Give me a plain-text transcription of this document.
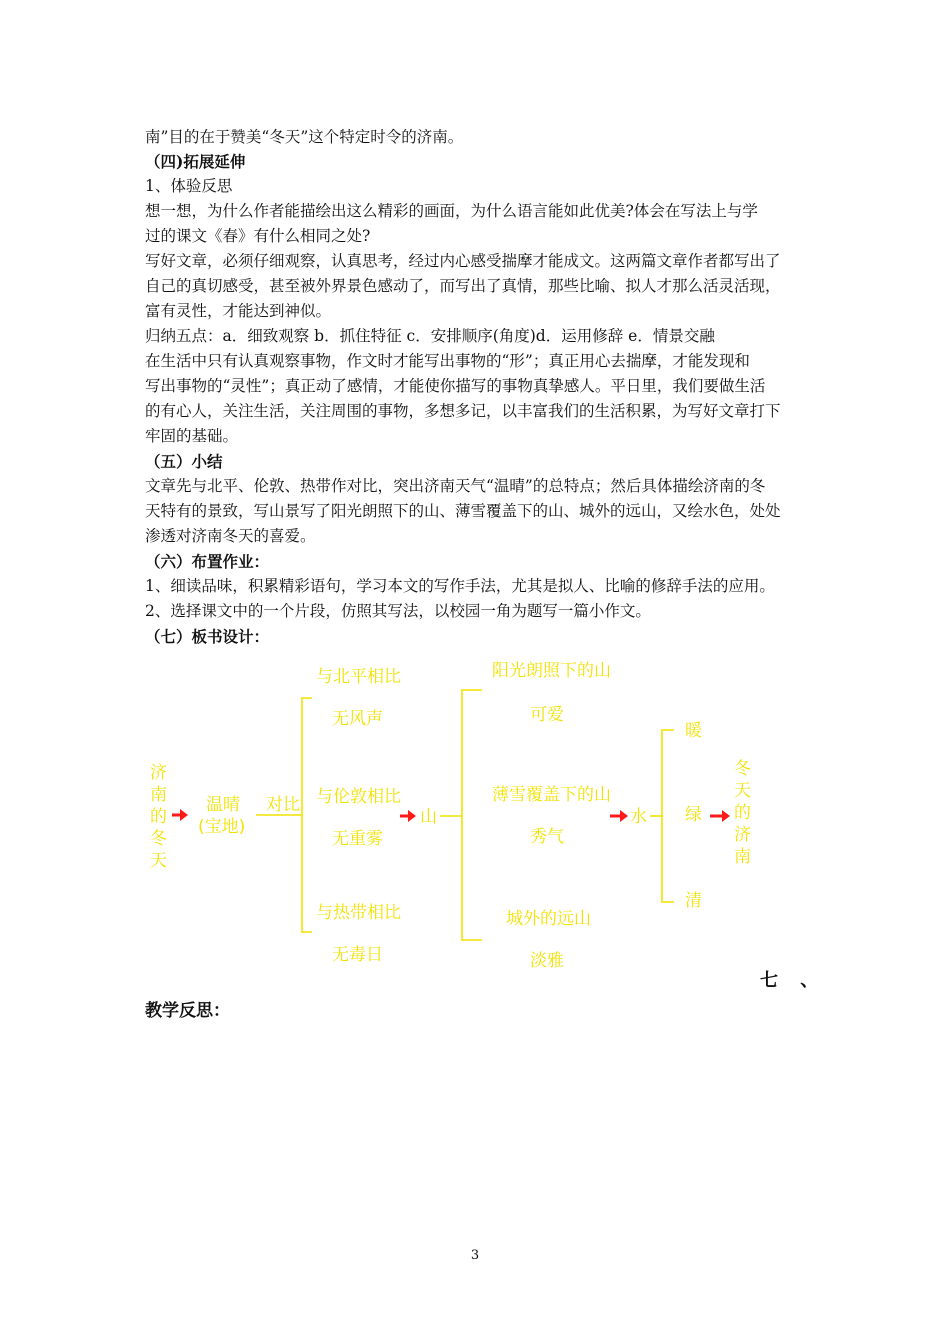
南”目的在于赞美“冬天”这个特定时令的济南。
（四)拓展延伸
1、体验反思
想一想，为什么作者能描绘出这么精彩的画面，为什么语言能如此优美?体会在写法上与学
过的课文《春》有什么相同之处?
写好文章，必须仔细观察，认真思考，经过内心感受揣摩才能成文。这两篇文章作者都写出了
自己的真切感受，甚至被外界景色感动了，而写出了真情，那些比喻、拟人才那么活灵活现，
富有灵性，才能达到神似。
归纳五点：a．细致观察 b．抓住特征 c．安排顺序(角度)d．运用修辞 e．情景交融
在生活中只有认真观察事物，作文时才能写出事物的“形”；真正用心去揣摩，才能发现和
写出事物的“灵性”；真正动了感情，才能使你描写的事物真挚感人。平日里，我们要做生活
的有心人，关注生活，关注周围的事物，多想多记，以丰富我们的生活积累，为写好文章打下
牢固的基础。
（五）小结
文章先与北平、伦敦、热带作对比，突出济南天气“温晴”的总特点；然后具体描绘济南的冬
天特有的景致，写山景写了阳光朗照下的山、薄雪覆盖下的山、城外的远山，又绘水色，处处
渗透对济南冬天的喜爱。
（六）布置作业：
1、细读品味，积累精彩语句，学习本文的写作手法，尤其是拟人、比喻的修辞手法的应用。
2、选择课文中的一个片段，仿照其写法，以校园一角为题写一篇小作文。
（七）板书设计：
济
南
的
冬
天
温晴
(宝地)
对比
与北平相比
无风声
与伦敦相比
无重雾
与热带相比
无毒日
山
阳光朗照下的山
可爱
薄雪覆盖下的山
秀气
城外的远山
淡雅
水
暖
绿
清
冬
天
的
济
南
七 、
教学反思：
3
